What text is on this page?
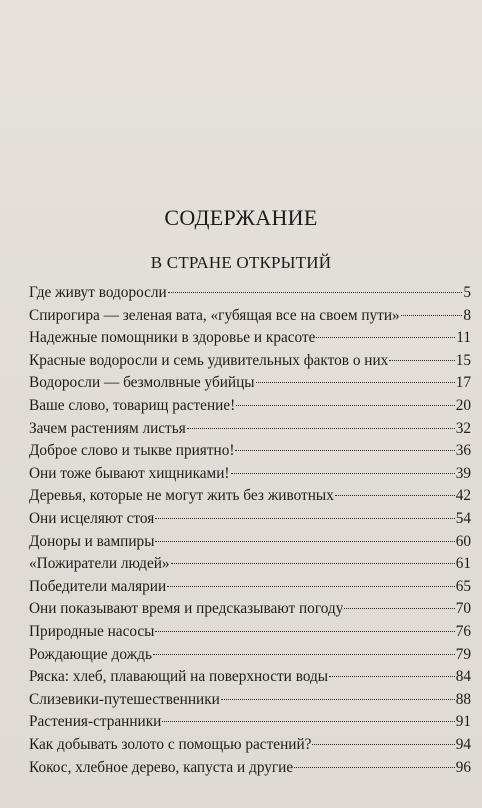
СОДЕРЖАНИЕ
В СТРАНЕ ОТКРЫТИЙ
Где живут водоросли	5
Спирогира — зеленая вата, «губящая все на своем пути»	8
Надежные помощники в здоровье и красоте	11
Красные водоросли и семь удивительных фактов о них	15
Водоросли — безмолвные убийцы	17
Ваше слово, товарищ растение!	20
Зачем растениям листья	32
Доброе слово и тыкве приятно!	36
Они тоже бывают хищниками!	39
Деревья, которые не могут жить без животных	42
Они исцеляют стоя	54
Доноры и вампиры	60
«Пожиратели людей»	61
Победители малярии	65
Они показывают время и предсказывают погоду	70
Природные насосы	76
Рождающие дождь	79
Ряска: хлеб, плавающий на поверхности воды	84
Слизевики-путешественники	88
Растения-странники	91
Как добывать золото с помощью растений?	94
Кокос, хлебное дерево, капуста и другие	96
